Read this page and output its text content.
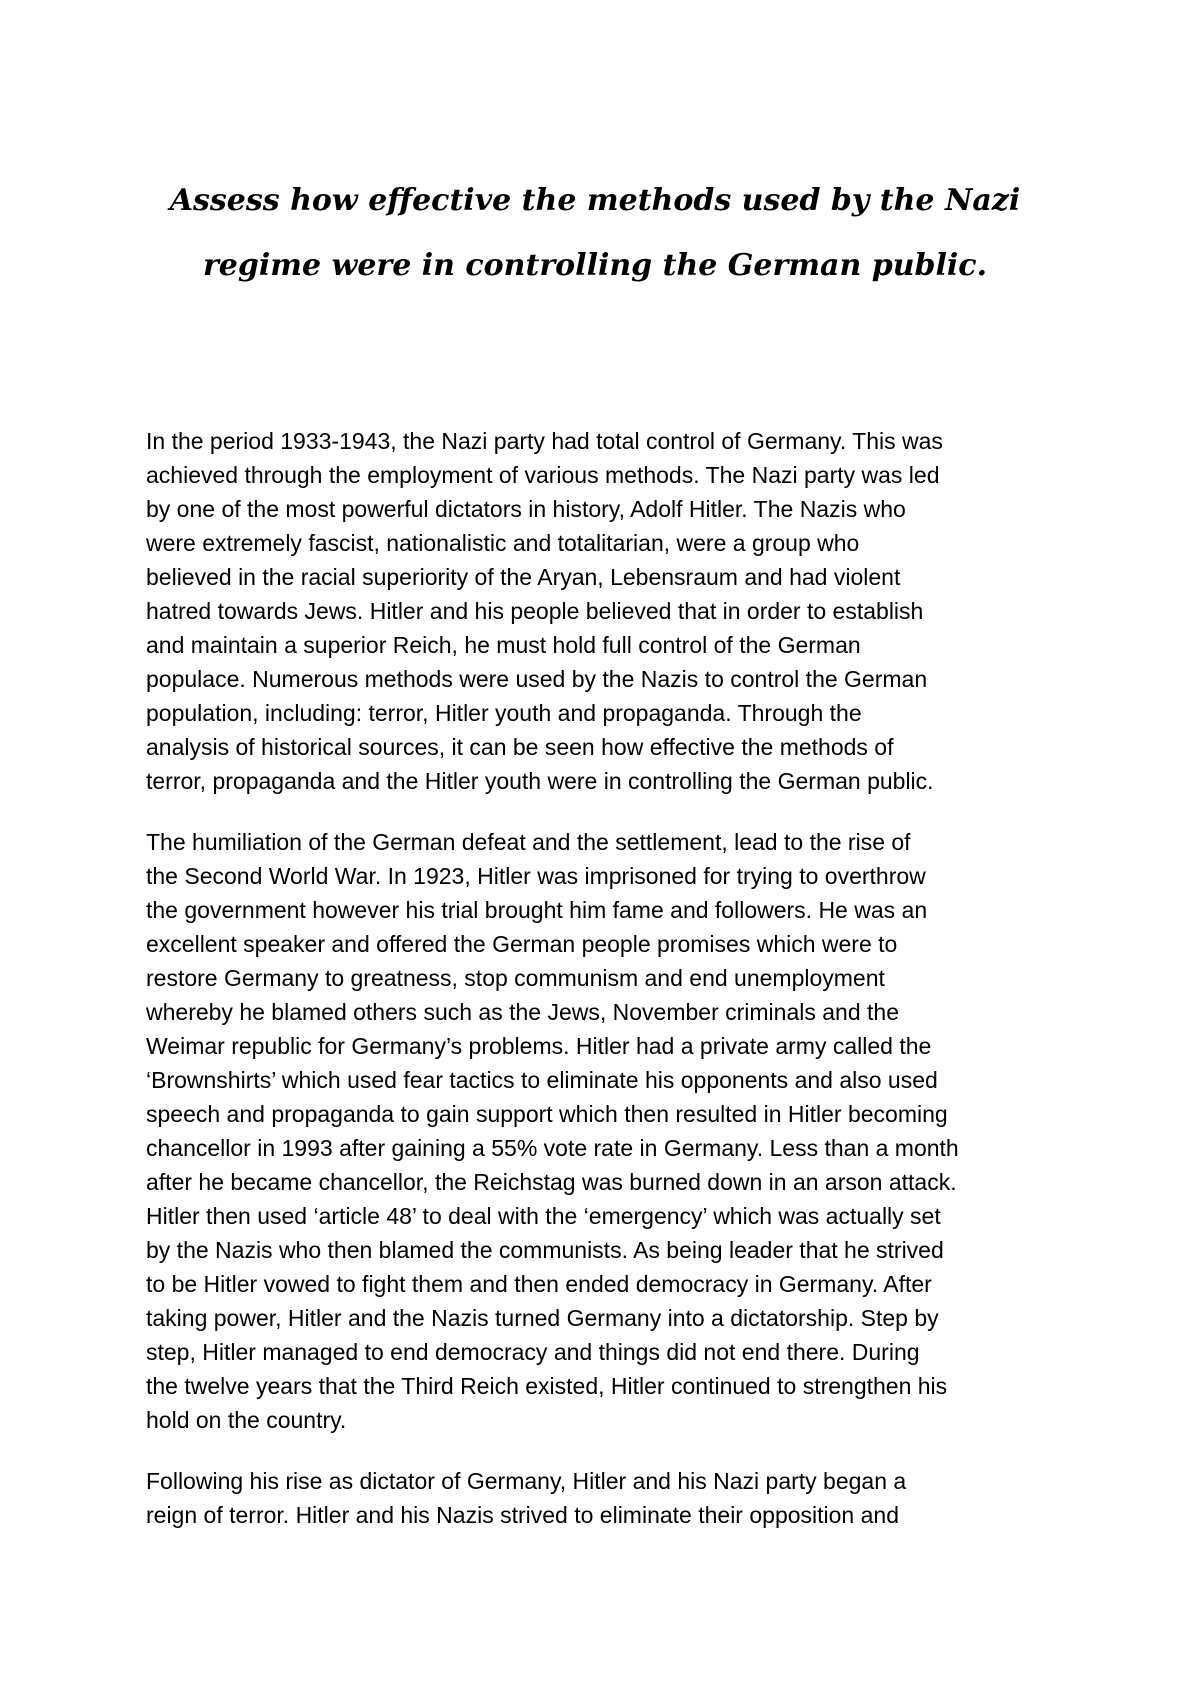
Assess how effective the methods used by the Nazi
regime were in controlling the German public.

In the period 1933-1943, the Nazi party had total control of Germany. This was
achieved through the employment of various methods. The Nazi party was led
by one of the most powerful dictators in history, Adolf Hitler. The Nazis who
were extremely fascist, nationalistic and totalitarian, were a group who
believed in the racial superiority of the Aryan, Lebensraum and had violent
hatred towards Jews. Hitler and his people believed that in order to establish
and maintain a superior Reich, he must hold full control of the German
populace. Numerous methods were used by the Nazis to control the German
population, including: terror, Hitler youth and propaganda. Through the
analysis of historical sources, it can be seen how effective the methods of
terror, propaganda and the Hitler youth were in controlling the German public.

The humiliation of the German defeat and the settlement, lead to the rise of
the Second World War. In 1923, Hitler was imprisoned for trying to overthrow
the government however his trial brought him fame and followers. He was an
excellent speaker and offered the German people promises which were to
restore Germany to greatness, stop communism and end unemployment
whereby he blamed others such as the Jews, November criminals and the
Weimar republic for Germany’s problems. Hitler had a private army called the
‘Brownshirts’ which used fear tactics to eliminate his opponents and also used
speech and propaganda to gain support which then resulted in Hitler becoming
chancellor in 1993 after gaining a 55% vote rate in Germany. Less than a month
after he became chancellor, the Reichstag was burned down in an arson attack.
Hitler then used ‘article 48’ to deal with the ‘emergency’ which was actually set
by the Nazis who then blamed the communists. As being leader that he strived
to be Hitler vowed to fight them and then ended democracy in Germany. After
taking power, Hitler and the Nazis turned Germany into a dictatorship. Step by
step, Hitler managed to end democracy and things did not end there. During
the twelve years that the Third Reich existed, Hitler continued to strengthen his
hold on the country.

Following his rise as dictator of Germany, Hitler and his Nazi party began a
reign of terror. Hitler and his Nazis strived to eliminate their opposition and
